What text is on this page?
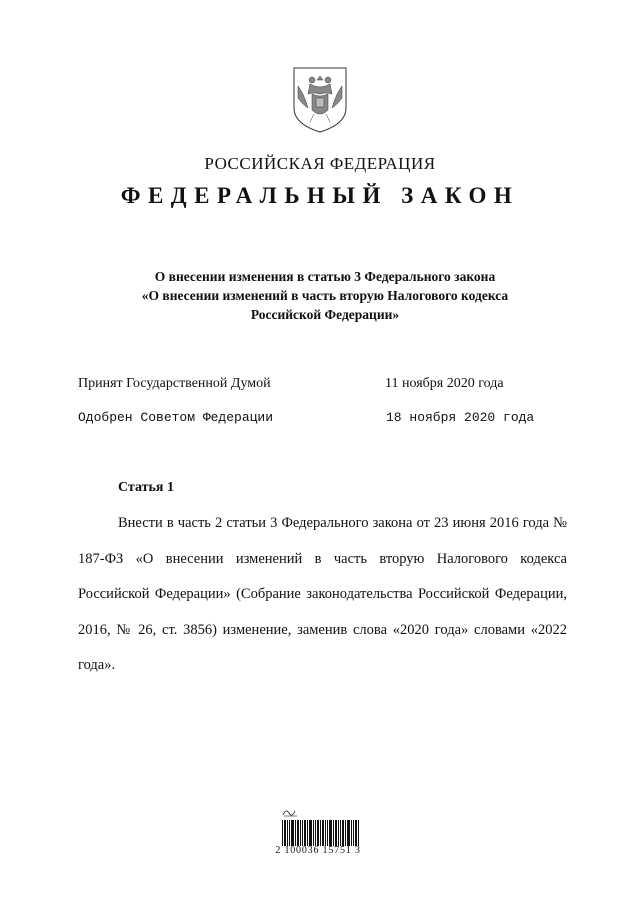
РОССИЙСКАЯ ФЕДЕРАЦИЯ
ФЕДЕРАЛЬНЫЙ ЗАКОН
О внесении изменения в статью 3 Федерального закона
«О внесении изменений в часть вторую Налогового кодекса
Российской Федерации»
Принят Государственной Думой	11 ноября 2020 года
Одобрен Советом Федерации	18 ноября 2020 года
Статья 1
Внести в часть 2 статьи 3 Федерального закона от 23 июня 2016 года № 187-ФЗ «О внесении изменений в часть вторую Налогового кодекса Российской Федерации» (Собрание законодательства Российской Федерации, 2016, № 26, ст. 3856) изменение, заменив слова «2020 года» словами «2022 года».
2 100036 15751 3
